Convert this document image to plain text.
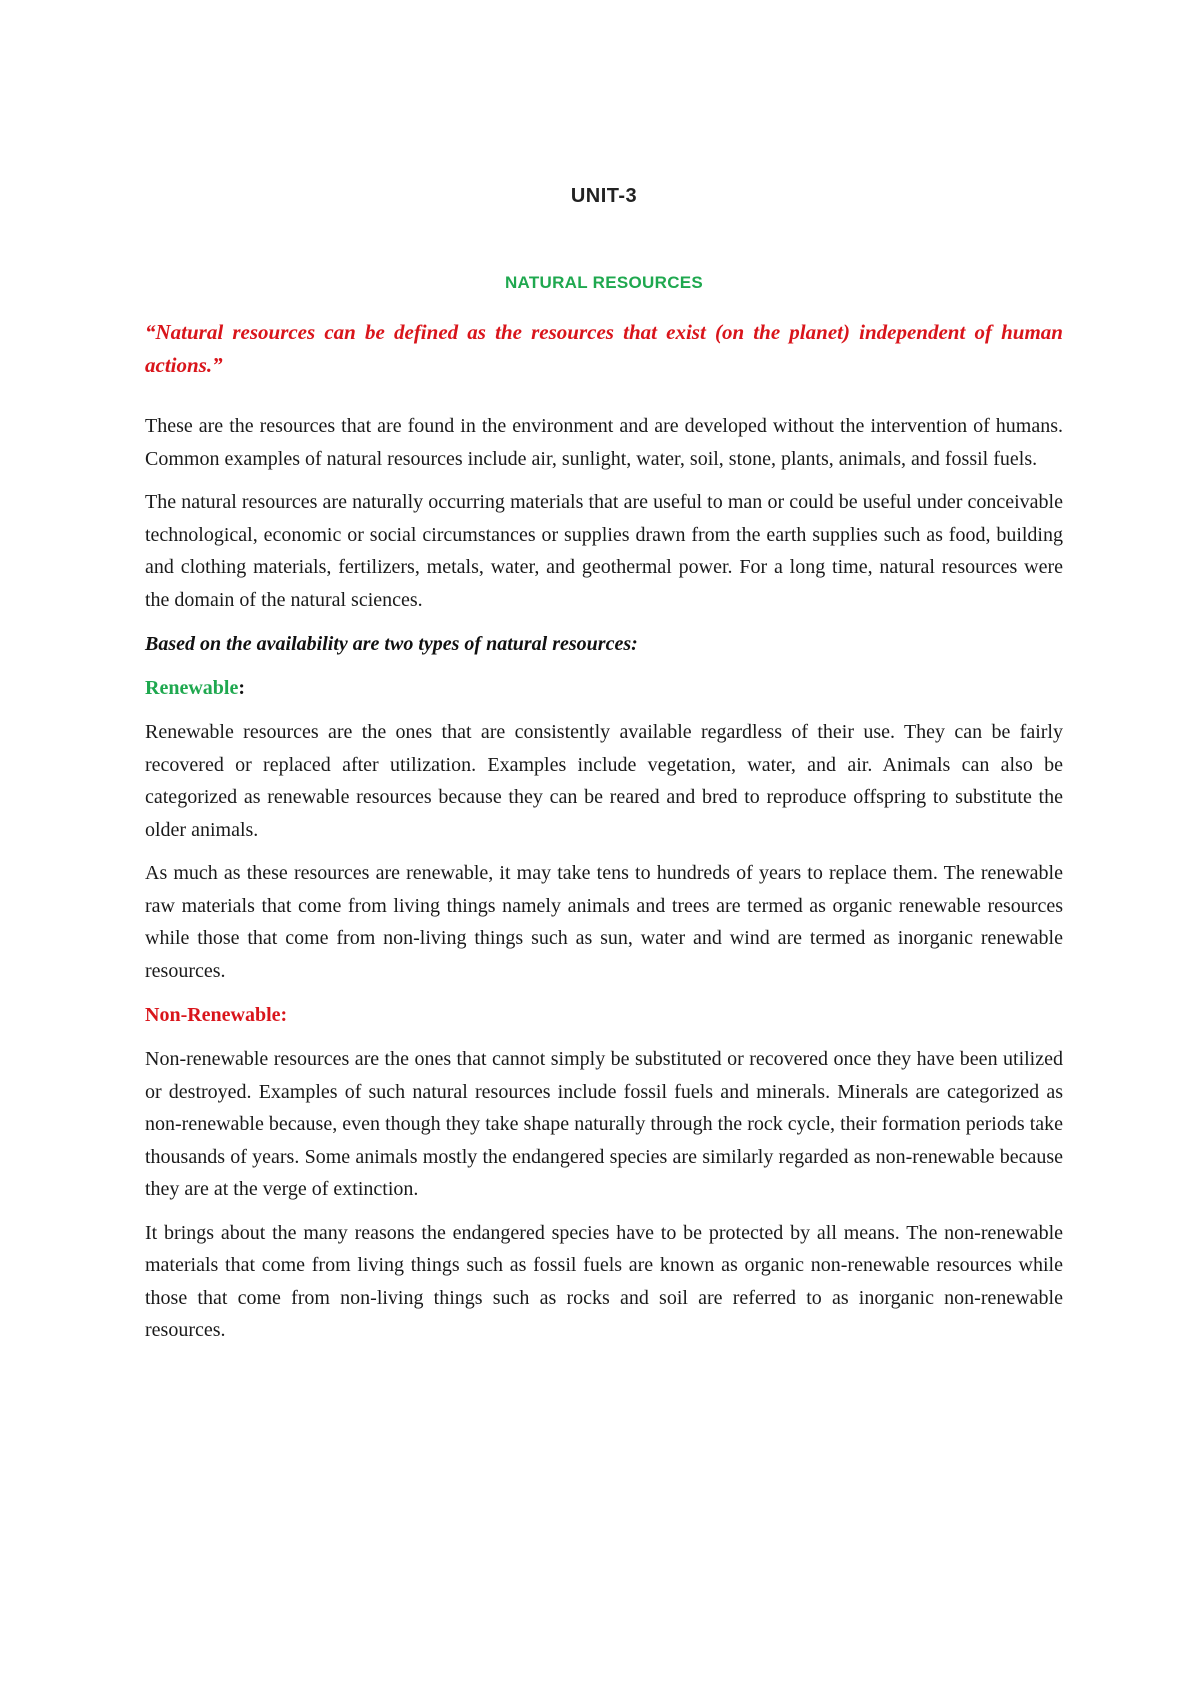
UNIT-3
NATURAL RESOURCES

“Natural resources can be defined as the resources that exist (on the planet) independent of human actions.”

These are the resources that are found in the environment and are developed without the intervention of humans. Common examples of natural resources include air, sunlight, water, soil, stone, plants, animals, and fossil fuels.

The natural resources are naturally occurring materials that are useful to man or could be useful under conceivable technological, economic or social circumstances or supplies drawn from the earth supplies such as food, building and clothing materials, fertilizers, metals, water, and geothermal power. For a long time, natural resources were the domain of the natural sciences.

Based on the availability are two types of natural resources:

Renewable:

Renewable resources are the ones that are consistently available regardless of their use. They can be fairly recovered or replaced after utilization. Examples include vegetation, water, and air. Animals can also be categorized as renewable resources because they can be reared and bred to reproduce offspring to substitute the older animals.

As much as these resources are renewable, it may take tens to hundreds of years to replace them. The renewable raw materials that come from living things namely animals and trees are termed as organic renewable resources while those that come from non-living things such as sun, water and wind are termed as inorganic renewable resources.

Non-Renewable:

Non-renewable resources are the ones that cannot simply be substituted or recovered once they have been utilized or destroyed. Examples of such natural resources include fossil fuels and minerals. Minerals are categorized as non-renewable because, even though they take shape naturally through the rock cycle, their formation periods take thousands of years. Some animals mostly the endangered species are similarly regarded as non-renewable because they are at the verge of extinction.

It brings about the many reasons the endangered species have to be protected by all means. The non-renewable materials that come from living things such as fossil fuels are known as organic non-renewable resources while those that come from non-living things such as rocks and soil are referred to as inorganic non-renewable resources.
